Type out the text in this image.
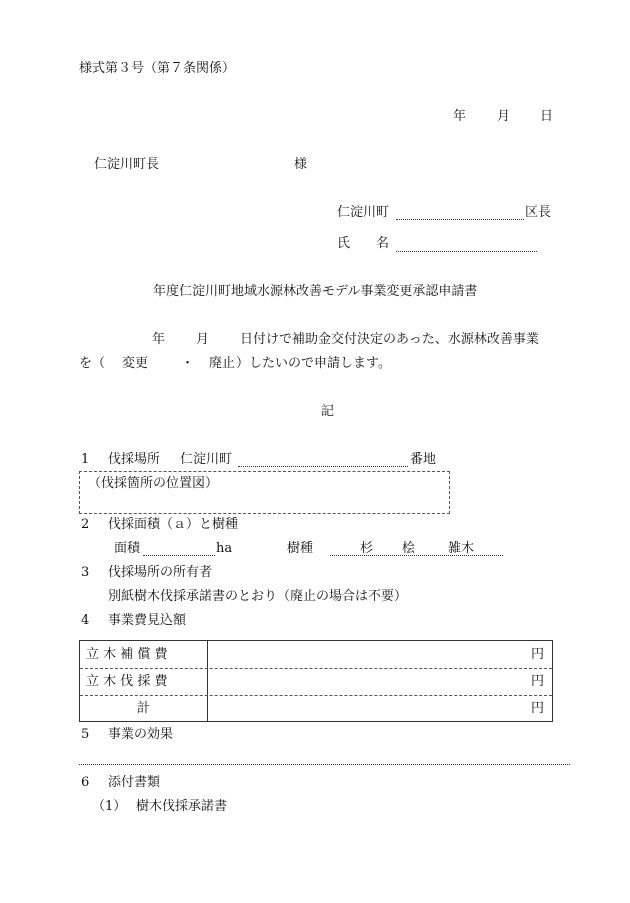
様式第３号（第７条関係）
年 月 日
仁淀川町長	様
仁淀川町	区長
氏　　名
年度仁淀川町地域水源林改善モデル事業変更承認申請書
年 月 日付けで補助金交付決定のあった、水源林改善事業
を（ 変更	・ 廃止 ）したいので申請します。
記
1 伐採場所 仁淀川町	番地
（伐採箇所の位置図）
2 伐採面積（ａ）と樹種
面積	ha	樹種	杉 桧	雑木
3 伐採場所の所有者
別紙樹木伐採承諾書のとおり（廃止の場合は不要）
4 事業費見込額
立 木 補 償 費	円
立 木 伐 採 費	円
計	円
5 事業の効果
6 添付書類
（1） 樹木伐採承諾書
